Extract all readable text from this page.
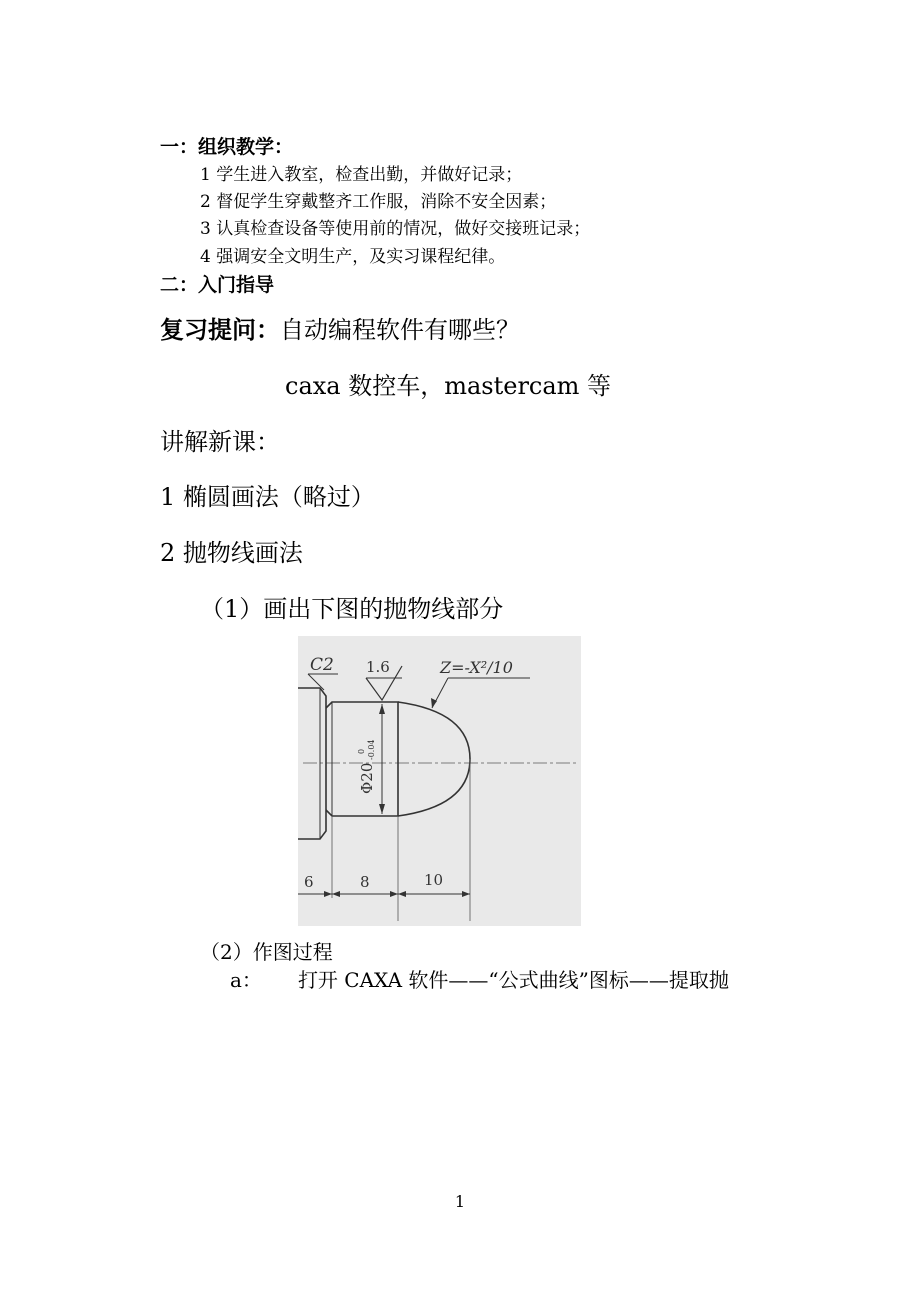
一：组织教学：
1 学生进入教室，检查出勤，并做好记录；
2 督促学生穿戴整齐工作服，消除不安全因素；
3 认真检查设备等使用前的情况，做好交接班记录；
4 强调安全文明生产，及实习课程纪律。
二：入门指导
复习提问：自动编程软件有哪些？
caxa 数控车，mastercam 等
讲解新课：
1 椭圆画法（略过）
2 抛物线画法
（1）画出下图的抛物线部分
Φ20
0 -0.04
C2 1.6	Z=-X²/10
6	8	10
（2）作图过程
a： 打开 CAXA 软件——“公式曲线”图标——提取抛
1
